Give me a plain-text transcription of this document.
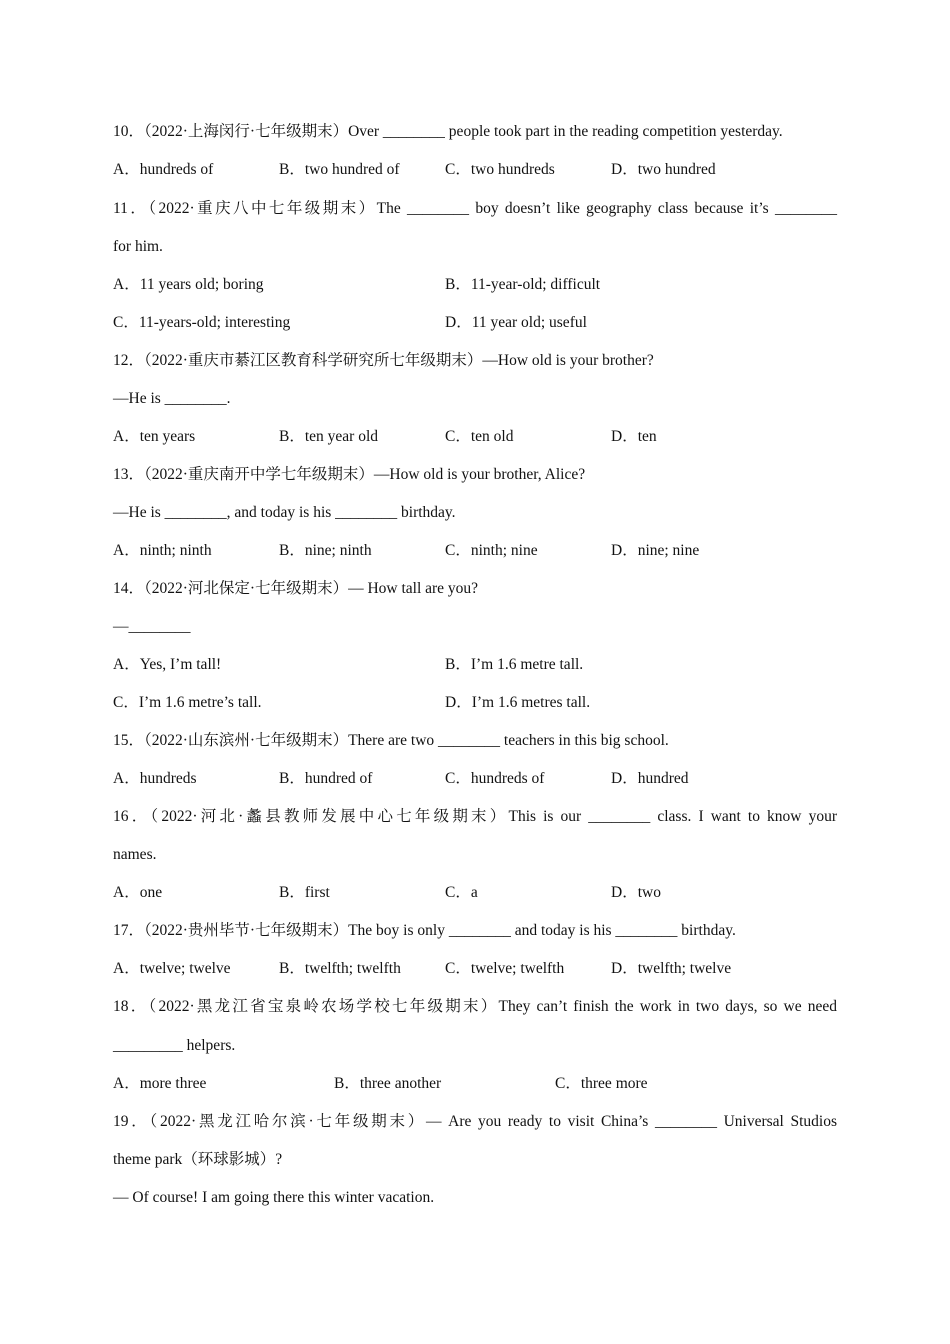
10．（2022·上海闵行·七年级期末）Over ________ people took part in the reading competition yesterday.
A．hundreds of	B．two hundred of	C．two hundreds	D．two hundred
11．（2022·重庆八中七年级期末）The ________ boy doesn’t like geography class because it’s ________
for him.
A．11 years old; boring	B．11-year-old; difficult
C．11-years-old; interesting	D．11 year old; useful
12．（2022·重庆市綦江区教育科学研究所七年级期末）—How old is your brother?
—He is ________.
A．ten years	B．ten year old	C．ten old	D．ten
13．（2022·重庆南开中学七年级期末）—How old is your brother, Alice?
—He is ________, and today is his ________ birthday.
A．ninth; ninth	B．nine; ninth	C．ninth; nine	D．nine; nine
14．（2022·河北保定·七年级期末）— How tall are you?
—________
A．Yes, I’m tall!	B．I’m 1.6 metre tall.
C．I’m 1.6 metre’s tall.	D．I’m 1.6 metres tall.
15．（2022·山东滨州·七年级期末）There are two ________ teachers in this big school.
A．hundreds	B．hundred of	C．hundreds of	D．hundred
16．（2022·河北·蠡县教师发展中心七年级期末）This is our ________ class. I want to know your
names.
A．one	B．first	C．a	D．two
17．（2022·贵州毕节·七年级期末）The boy is only ________ and today is his ________ birthday.
A．twelve; twelve	B．twelfth; twelfth	C．twelve; twelfth	D．twelfth; twelve
18．（2022·黑龙江省宝泉岭农场学校七年级期末）They can’t finish the work in two days, so we need
_________ helpers.
A．more three	B．three another	C．three more
19．（2022·黑龙江哈尔滨·七年级期末）— Are you ready to visit China’s ________ Universal Studios
theme park（环球影城）?
— Of course! I am going there this winter vacation.
